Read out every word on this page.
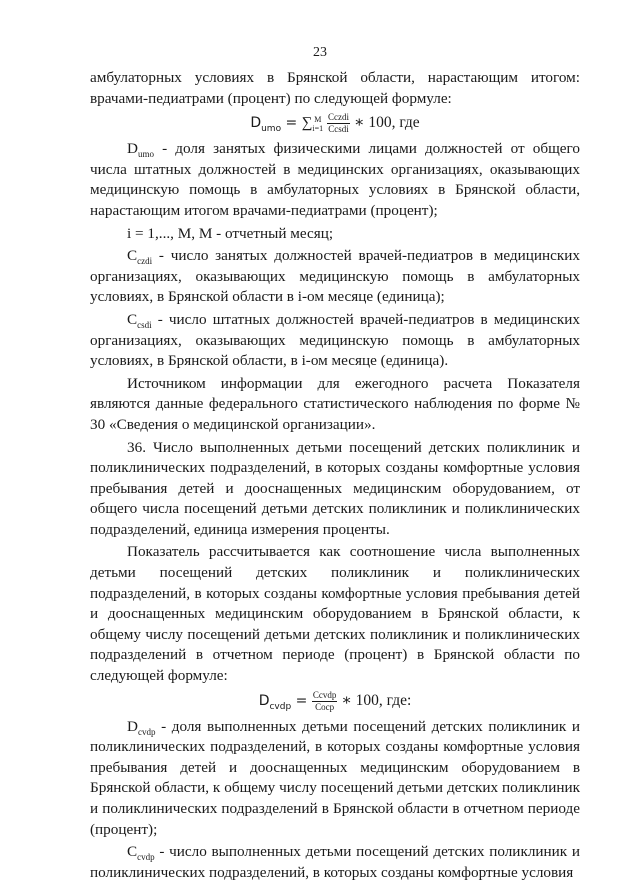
23

амбулаторных условиях в Брянской области, нарастающим итогом: врачами-педиатрами (процент) по следующей формуле:

$D_{umo}$ = ∑ M
i=1
$\frac{\text{Cczdi}}{\text{Ccsdi}}$ ∗ 100, где

$D_{umo}$ - доля занятых физическими лицами должностей от общего числа штатных должностей в медицинских организациях, оказывающих медицинскую помощь в амбулаторных условиях в Брянской области, нарастающим итогом врачами-педиатрами (процент);

i = 1,..., M, M - отчетный месяц;

$C_{czdi}$ - число занятых должностей врачей-педиатров в медицинских организациях, оказывающих медицинскую помощь в амбулаторных условиях, в Брянской области в i-ом месяце (единица);

$C_{csdi}$ - число штатных должностей врачей-педиатров в медицинских организациях, оказывающих медицинскую помощь в амбулаторных условиях, в Брянской области, в i-ом месяце (единица).

Источником информации для ежегодного расчета Показателя являются данные федерального статистического наблюдения по форме № 30 «Сведения о медицинской организации».

36. Число выполненных детьми посещений детских поликлиник и поликлинических подразделений, в которых созданы комфортные условия пребывания детей и дооснащенных медицинским оборудованием, от общего числа посещений детьми детских поликлиник и поликлинических подразделений, единица измерения проценты.

Показатель рассчитывается как соотношение числа выполненных детьми посещений детских поликлиник и поликлинических подразделений, в которых созданы комфортные условия пребывания детей и дооснащенных медицинским оборудованием в Брянской области, к общему числу посещений детьми детских поликлиник и поликлинических подразделений в отчетном периоде (процент) в Брянской области по следующей формуле:

$D_{cvdp} = \frac{\text{Ccvdp}}{\text{Cocp}}$ ∗ 100, где:

$D_{cvdp}$ - доля выполненных детьми посещений детских поликлиник и поликлинических подразделений, в которых созданы комфортные условия пребывания детей и дооснащенных медицинским оборудованием в Брянской области, к общему числу посещений детьми детских поликлиник и поликлинических подразделений в Брянской области в отчетном периоде (процент);

$C_{cvdp}$ - число выполненных детьми посещений детских поликлиник и поликлинических подразделений, в которых созданы комфортные условия
